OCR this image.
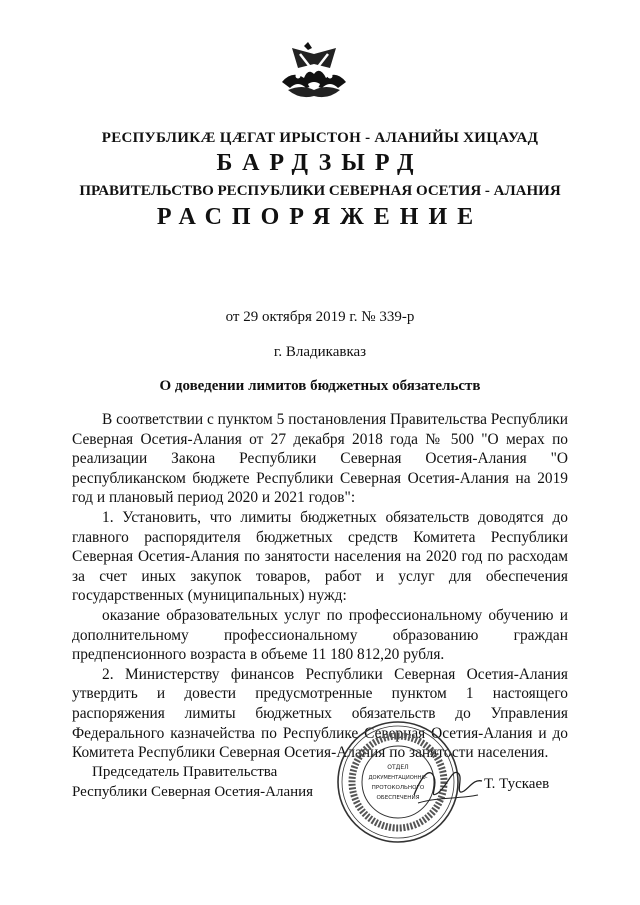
РЕСПУБЛИКÆ ЦÆГАТ ИРЫСТОН - АЛАНИЙЫ ХИЦАУАД
БАРДЗЫРД
ПРАВИТЕЛЬСТВО РЕСПУБЛИКИ СЕВЕРНАЯ ОСЕТИЯ - АЛАНИЯ
РАСПОРЯЖЕНИЕ
от 29 октября 2019 г. № 339-р
г. Владикавказ
О доведении лимитов бюджетных обязательств

В соответствии с пунктом 5 постановления Правительства Республики Северная Осетия-Алания от 27 декабря 2018 года № 500 "О мерах по реализации Закона Республики Северная Осетия-Алания "О республиканском бюджете Республики Северная Осетия-Алания на 2019 год и плановый период 2020 и 2021 годов":

1. Установить, что лимиты бюджетных обязательств доводятся до главного распорядителя бюджетных средств Комитета Республики Северная Осетия-Алания по занятости населения на 2020 год по расходам за счет иных закупок товаров, работ и услуг для обеспечения государственных (муниципальных) нужд:

оказание образовательных услуг по профессиональному обучению и дополнительному профессиональному образованию граждан предпенсионного возраста в объеме 11 180 812,20 рубля.

2. Министерству финансов Республики Северная Осетия-Алания утвердить и довести предусмотренные пунктом 1 настоящего распоряжения лимиты бюджетных обязательств до Управления Федерального казначейства по Республике Северная Осетия-Алания и до Комитета Республики Северная Осетия-Алания по занятости населения.

Председатель Правительства
Республики Северная Осетия-Алания
ОТДЕЛ
ДОКУМЕНТАЦИОННО-
ПРОТОКОЛЬНОГО
ОБЕСПЕЧЕНИЯ
Т. Тускаев
